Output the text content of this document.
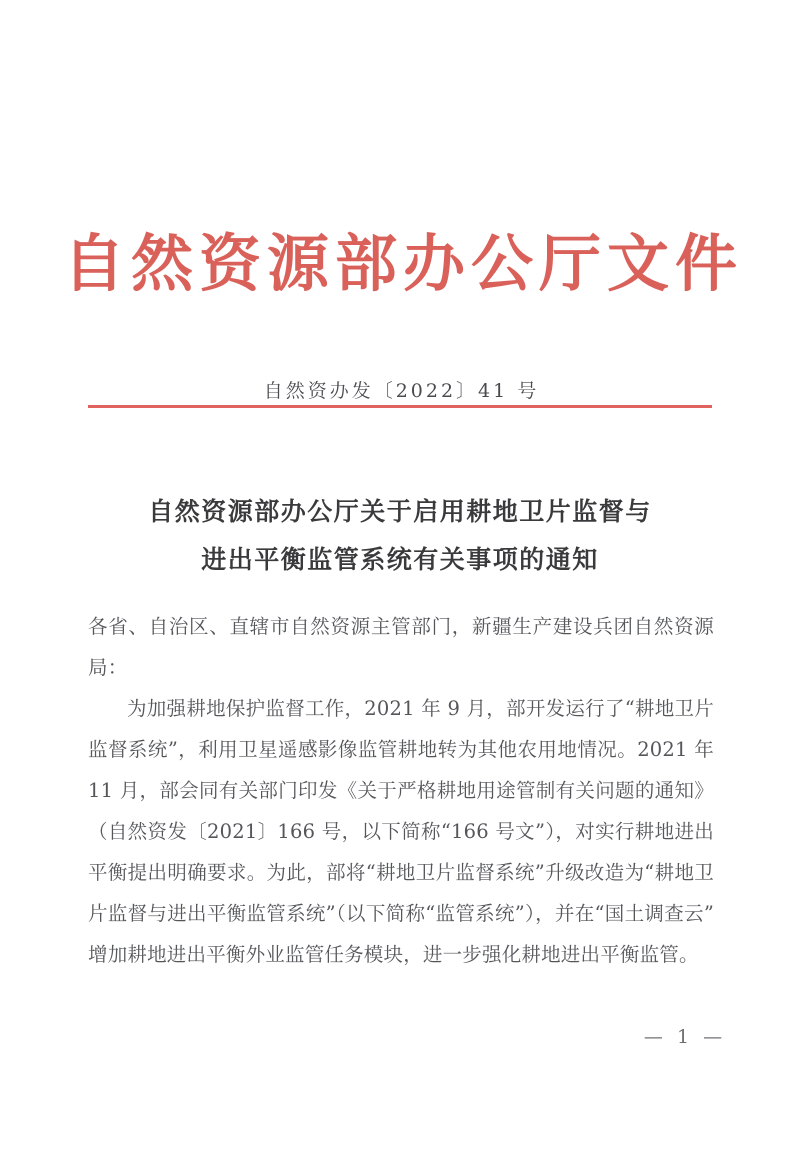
自然资源部办公厅文件
自然资办发〔2022〕41 号
自然资源部办公厅关于启用耕地卫片监督与
进出平衡监管系统有关事项的通知

各省、自治区、直辖市自然资源主管部门，新疆生产建设兵团自然资源局：

为加强耕地保护监督工作，2021 年 9 月，部开发运行了“耕地卫片监督系统”，利用卫星遥感影像监管耕地转为其他农用地情况。2021 年 11 月，部会同有关部门印发《关于严格耕地用途管制有关问题的通知》（自然资发〔2021〕166 号，以下简称“166 号文”），对实行耕地进出平衡提出明确要求。为此，部将“耕地卫片监督系统”升级改造为“耕地卫片监督与进出平衡监管系统”（以下简称“监管系统”），并在“国土调查云”增加耕地进出平衡外业监管任务模块，进一步强化耕地进出平衡监管。

— 1 —
